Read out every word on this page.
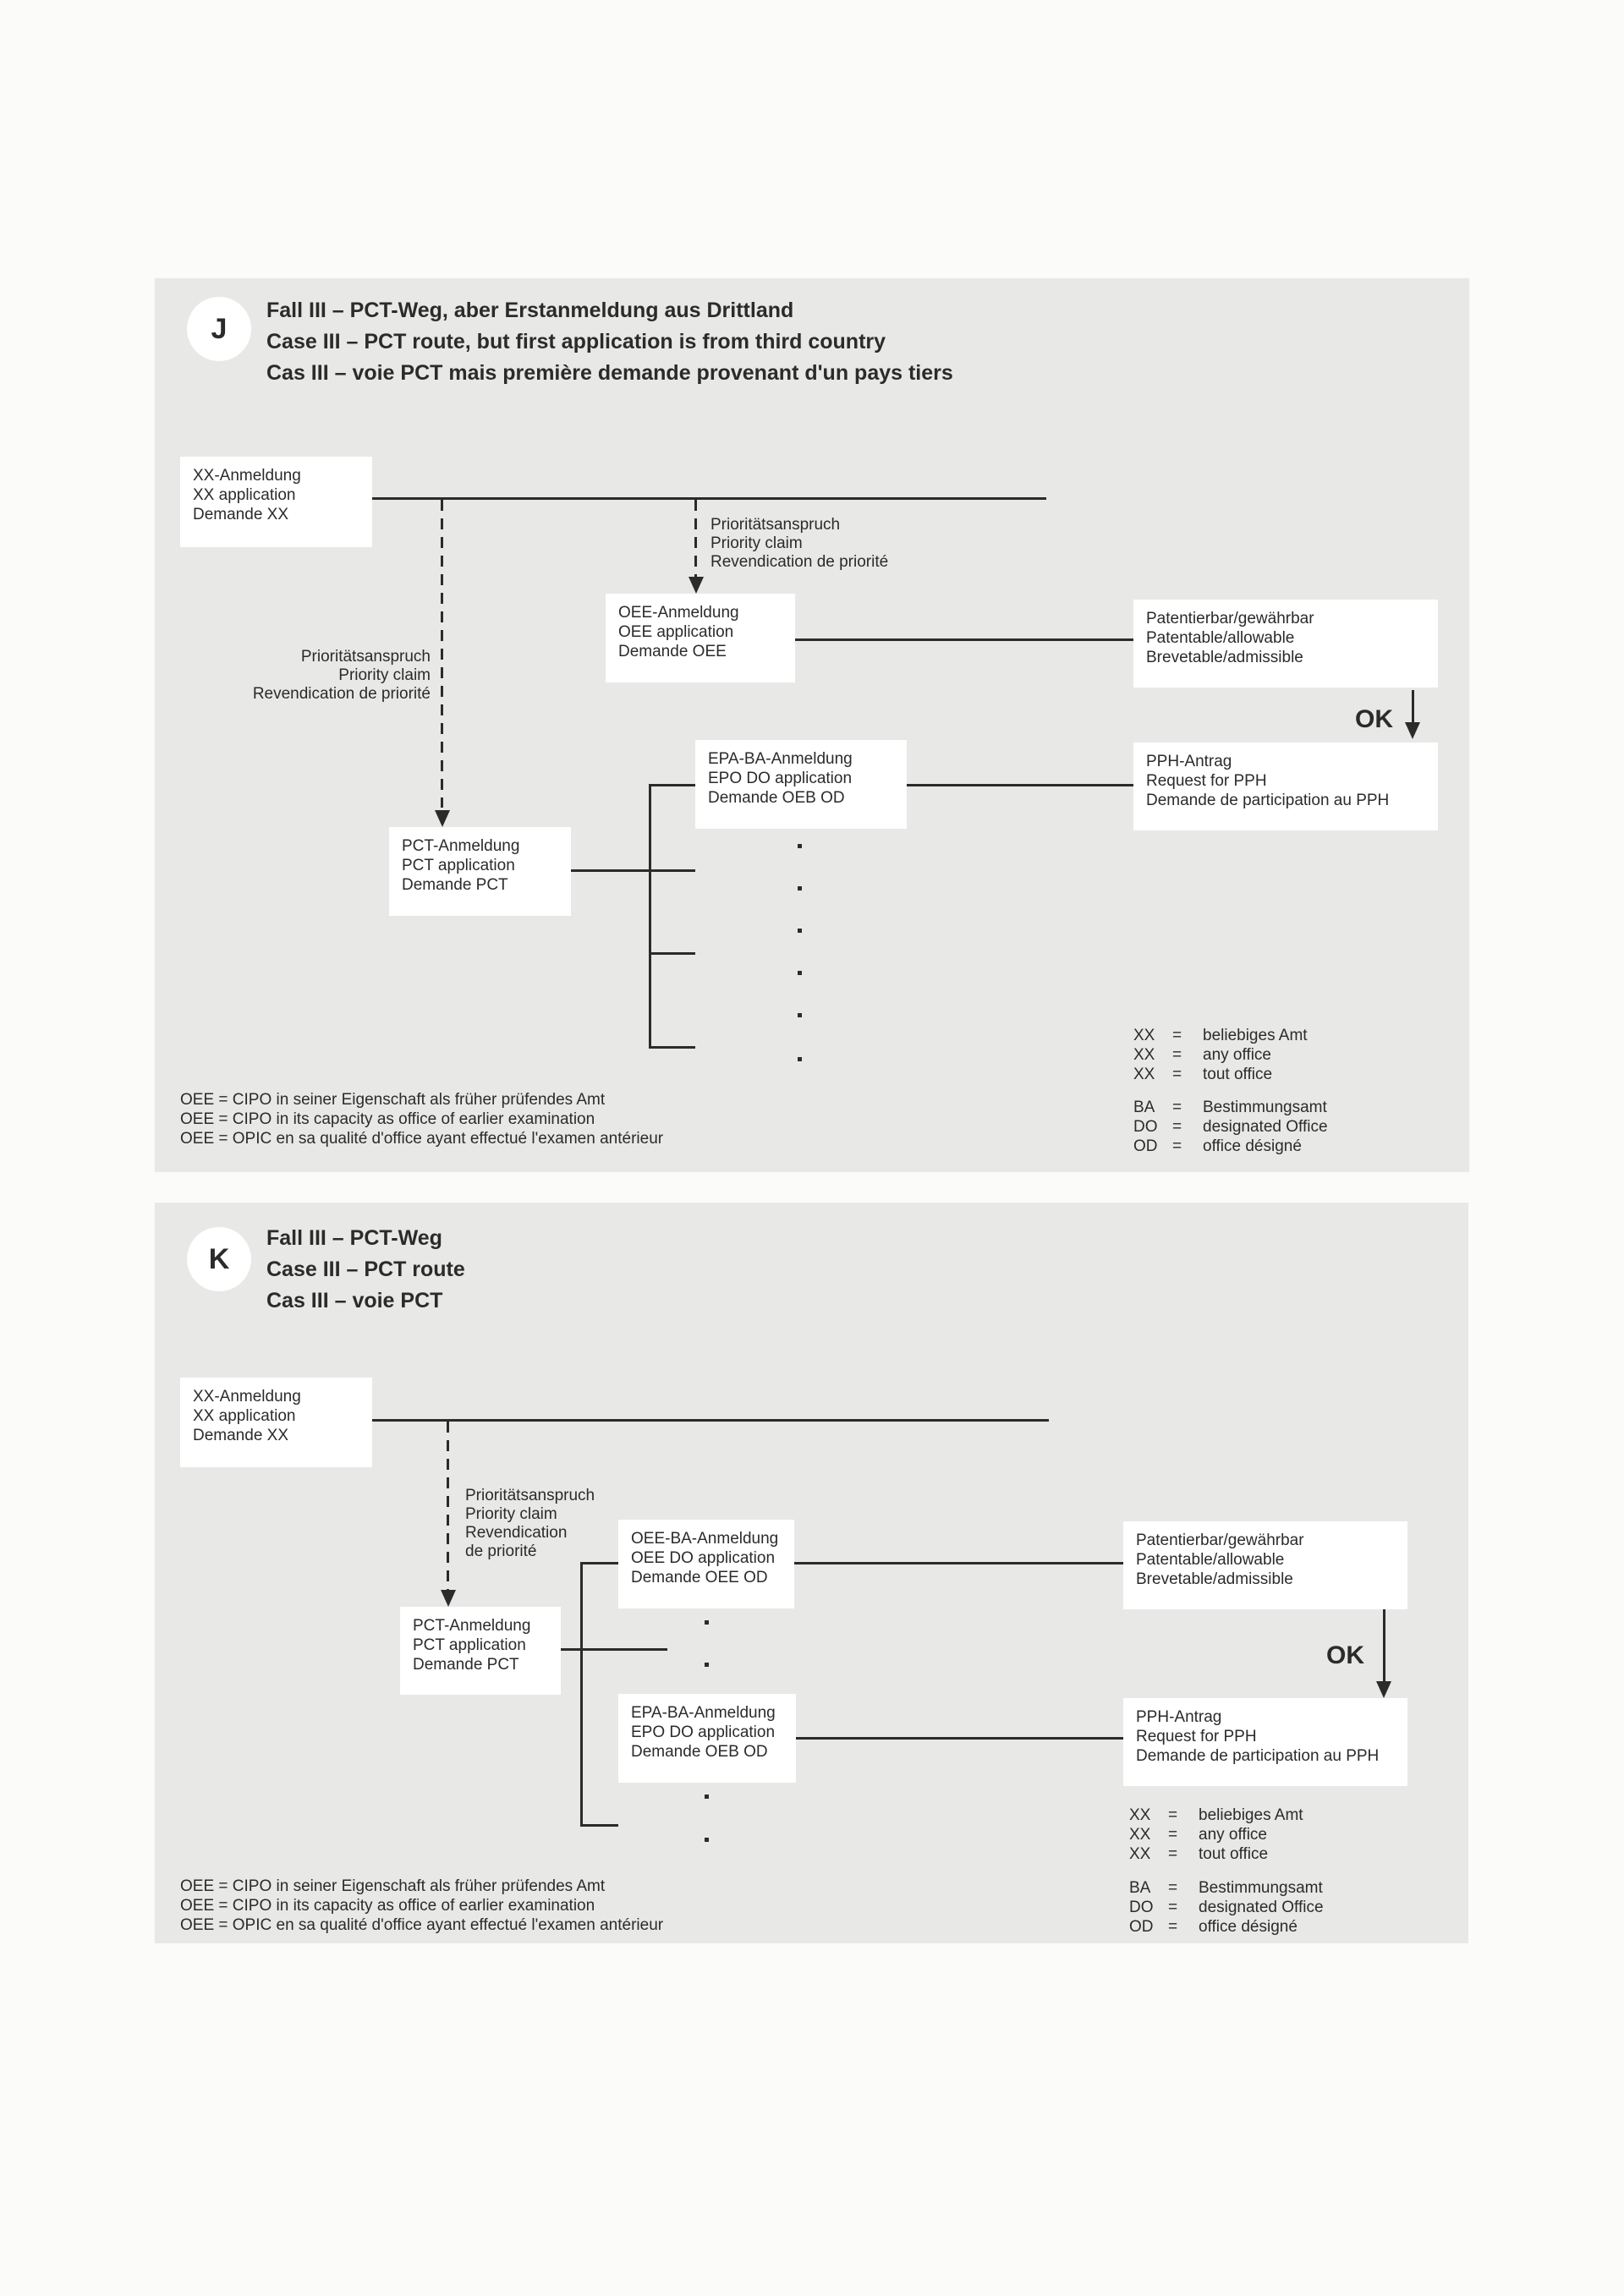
J
Fall III – PCT-Weg, aber Erstanmeldung aus Drittland
Case III – PCT route, but first application is from third country
Cas III – voie PCT mais première demande provenant d'un pays tiers
OK
XX-Anmeldung
XX application
Demande XX
OEE-Anmeldung
OEE application
Demande OEE
Patentierbar/gewährbar
Patentable/allowable
Brevetable/admissible
PPH-Antrag
Request for PPH
Demande de participation au PPH
PCT-Anmeldung
PCT application
Demande PCT
EPA-BA-Anmeldung
EPO DO application
Demande OEB OD
Prioritätsanspruch
Priority claim
Revendication de priorité
Prioritätsanspruch
Priority claim
Revendication de priorité
OEE = CIPO in seiner Eigenschaft als früher prüfendes Amt
OEE = CIPO in its capacity as office of earlier examination
OEE = OPIC en sa qualité d'office ayant effectué l'examen antérieur
XX	=	beliebiges Amt
XX	=	any office
XX	=	tout office
BA	=	Bestimmungsamt
DO =	designated Office
OD =	office désigné
K
Fall III – PCT-Weg
Case III – PCT route
Cas III – voie PCT
OK
XX-Anmeldung
XX application
Demande XX
PCT-Anmeldung
PCT application
Demande PCT
OEE-BA-Anmeldung
OEE DO application
Demande OEE OD
EPA-BA-Anmeldung
EPO DO application
Demande OEB OD
Patentierbar/gewährbar
Patentable/allowable
Brevetable/admissible
PPH-Antrag
Request for PPH
Demande de participation au PPH
Prioritätsanspruch
Priority claim
Revendication
de priorité
OEE = CIPO in seiner Eigenschaft als früher prüfendes Amt
OEE = CIPO in its capacity as office of earlier examination
OEE = OPIC en sa qualité d'office ayant effectué l'examen antérieur
XX	=	beliebiges Amt
XX	=	any office
XX	=	tout office
BA	=	Bestimmungsamt
DO =	designated Office
OD =	office désigné
